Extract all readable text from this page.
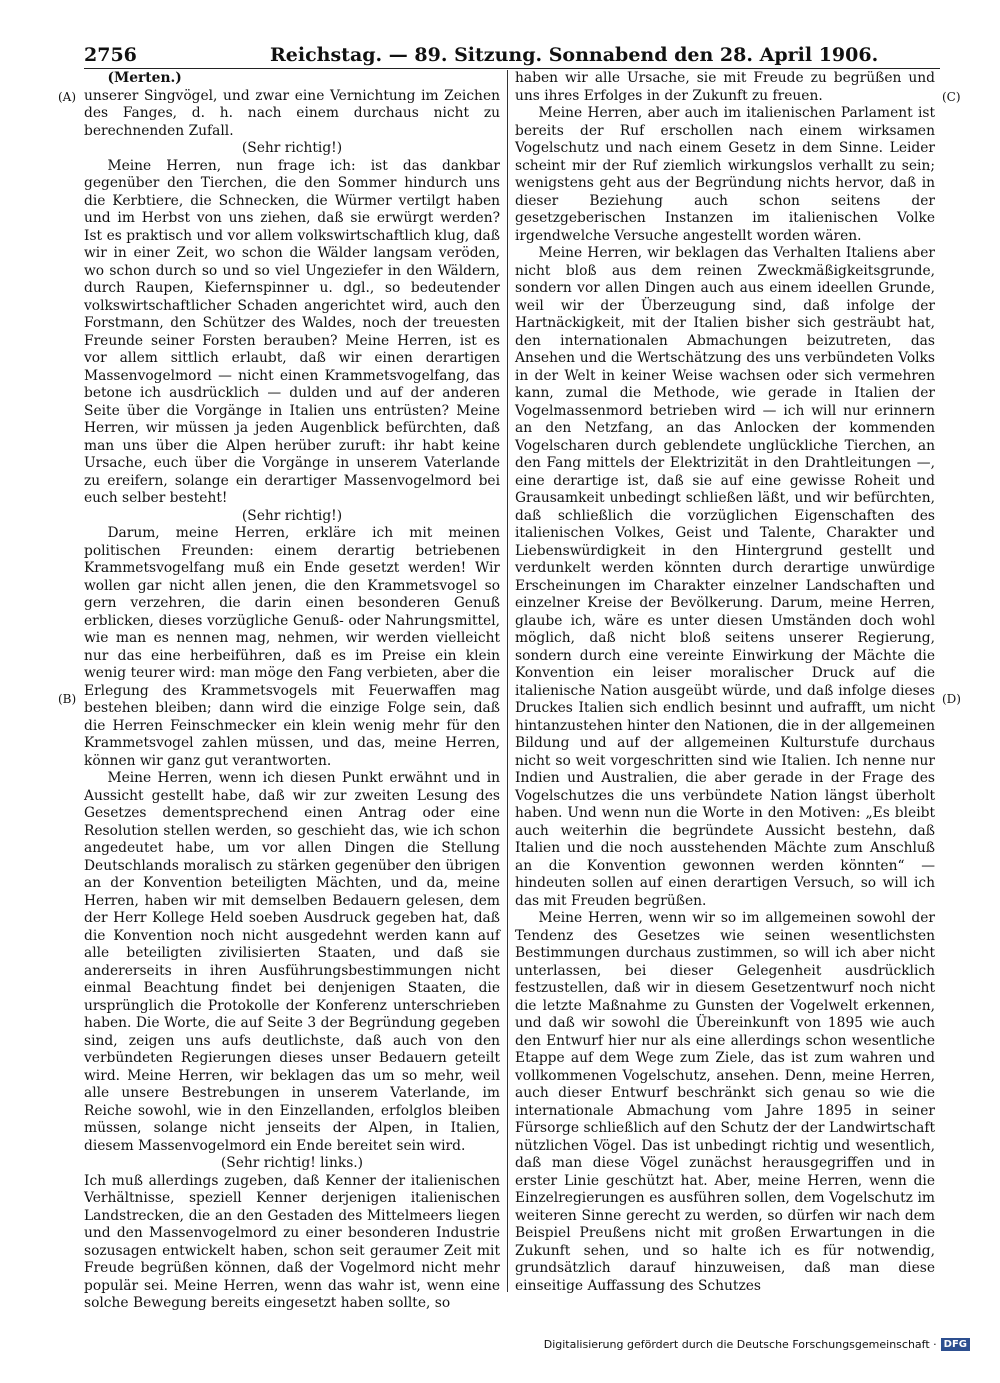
2756	Reichstag. — 89. Sitzung. Sonnabend den 28. April 1906.
(A)
(B)
(C)
(D)

(Merten.)

unserer Singvögel, und zwar eine Vernichtung im Zeichen des Fanges, d. h. nach einem durchaus nicht zu berechnenden Zufall.

(Sehr richtig!)

Meine Herren, nun frage ich: ist das dankbar gegenüber den Tierchen, die den Sommer hindurch uns die Kerbtiere, die Schnecken, die Würmer vertilgt haben und im Herbst von uns ziehen, daß sie erwürgt werden? Ist es praktisch und vor allem volkswirtschaftlich klug, daß wir in einer Zeit, wo schon die Wälder langsam veröden, wo schon durch so und so viel Ungeziefer in den Wäldern, durch Raupen, Kiefernspinner u. dgl., so bedeutender volkswirtschaftlicher Schaden angerichtet wird, auch den Forstmann, den Schützer des Waldes, noch der treuesten Freunde seiner Forsten berauben? Meine Herren, ist es vor allem sittlich erlaubt, daß wir einen derartigen Massenvogelmord — nicht einen Krammetsvogelfang, das betone ich ausdrücklich — dulden und auf der anderen Seite über die Vorgänge in Italien uns entrüsten? Meine Herren, wir müssen ja jeden Augenblick befürchten, daß man uns über die Alpen herüber zuruft: ihr habt keine Ursache, euch über die Vorgänge in unserem Vaterlande zu ereifern, solange ein derartiger Massenvogelmord bei euch selber besteht!

(Sehr richtig!)

Darum, meine Herren, erkläre ich mit meinen politischen Freunden: einem derartig betriebenen Krammetsvogelfang muß ein Ende gesetzt werden! Wir wollen gar nicht allen jenen, die den Krammetsvogel so gern verzehren, die darin einen besonderen Genuß erblicken, dieses vorzügliche Genuß- oder Nahrungsmittel, wie man es nennen mag, nehmen, wir werden vielleicht nur das eine herbeiführen, daß es im Preise ein klein wenig teurer wird: man möge den Fang verbieten, aber die Erlegung des Krammetsvogels mit Feuerwaffen mag bestehen bleiben; dann wird die einzige Folge sein, daß die Herren Feinschmecker ein klein wenig mehr für den Krammetsvogel zahlen müssen, und das, meine Herren, können wir ganz gut verantworten.

Meine Herren, wenn ich diesen Punkt erwähnt und in Aussicht gestellt habe, daß wir zur zweiten Lesung des Gesetzes dementsprechend einen Antrag oder eine Resolution stellen werden, so geschieht das, wie ich schon angedeutet habe, um vor allen Dingen die Stellung Deutschlands moralisch zu stärken gegenüber den übrigen an der Konvention beteiligten Mächten, und da, meine Herren, haben wir mit demselben Bedauern gelesen, dem der Herr Kollege Held soeben Ausdruck gegeben hat, daß die Konvention noch nicht ausgedehnt werden kann auf alle beteiligten zivilisierten Staaten, und daß sie andererseits in ihren Ausführungsbestimmungen nicht einmal Beachtung findet bei denjenigen Staaten, die ursprünglich die Protokolle der Konferenz unterschrieben haben. Die Worte, die auf Seite 3 der Begründung gegeben sind, zeigen uns aufs deutlichste, daß auch von den verbündeten Regierungen dieses unser Bedauern geteilt wird. Meine Herren, wir beklagen das um so mehr, weil alle unsere Bestrebungen in unserem Vaterlande, im Reiche sowohl, wie in den Einzellanden, erfolglos bleiben müssen, solange nicht jenseits der Alpen, in Italien, diesem Massenvogelmord ein Ende bereitet sein wird.

(Sehr richtig! links.)

Ich muß allerdings zugeben, daß Kenner der italienischen Verhältnisse, speziell Kenner derjenigen italienischen Landstrecken, die an den Gestaden des Mittelmeers liegen und den Massenvogelmord zu einer besonderen Industrie sozusagen entwickelt haben, schon seit geraumer Zeit mit Freude begrüßen können, daß der Vogelmord nicht mehr populär sei. Meine Herren, wenn das wahr ist, wenn eine solche Bewegung bereits eingesetzt haben sollte, so

haben wir alle Ursache, sie mit Freude zu begrüßen und uns ihres Erfolges in der Zukunft zu freuen.

Meine Herren, aber auch im italienischen Parlament ist bereits der Ruf erschollen nach einem wirksamen Vogelschutz und nach einem Gesetz in dem Sinne. Leider scheint mir der Ruf ziemlich wirkungslos verhallt zu sein; wenigstens geht aus der Begründung nichts hervor, daß in dieser Beziehung auch schon seitens der gesetzgeberischen Instanzen im italienischen Volke irgendwelche Versuche angestellt worden wären.

Meine Herren, wir beklagen das Verhalten Italiens aber nicht bloß aus dem reinen Zweckmäßigkeitsgrunde, sondern vor allen Dingen auch aus einem ideellen Grunde, weil wir der Überzeugung sind, daß infolge der Hartnäckigkeit, mit der Italien bisher sich gesträubt hat, den internationalen Abmachungen beizutreten, das Ansehen und die Wertschätzung des uns verbündeten Volks in der Welt in keiner Weise wachsen oder sich vermehren kann, zumal die Methode, wie gerade in Italien der Vogelmassenmord betrieben wird — ich will nur erinnern an den Netzfang, an das Anlocken der kommenden Vogelscharen durch geblendete unglückliche Tierchen, an den Fang mittels der Elektrizität in den Drahtleitungen —, eine derartige ist, daß sie auf eine gewisse Roheit und Grausamkeit unbedingt schließen läßt, und wir befürchten, daß schließlich die vorzüglichen Eigenschaften des italienischen Volkes, Geist und Talente, Charakter und Liebenswürdigkeit in den Hintergrund gestellt und verdunkelt werden könnten durch derartige unwürdige Erscheinungen im Charakter einzelner Landschaften und einzelner Kreise der Bevölkerung. Darum, meine Herren, glaube ich, wäre es unter diesen Umständen doch wohl möglich, daß nicht bloß seitens unserer Regierung, sondern durch eine vereinte Einwirkung der Mächte die Konvention ein leiser moralischer Druck auf die italienische Nation ausgeübt würde, und daß infolge dieses Druckes Italien sich endlich besinnt und aufrafft, um nicht hintanzustehen hinter den Nationen, die in der allgemeinen Bildung und auf der allgemeinen Kulturstufe durchaus nicht so weit vorgeschritten sind wie Italien. Ich nenne nur Indien und Australien, die aber gerade in der Frage des Vogelschutzes die uns verbündete Nation längst überholt haben. Und wenn nun die Worte in den Motiven: „Es bleibt auch weiterhin die begründete Aussicht bestehn, daß Italien und die noch ausstehenden Mächte zum Anschluß an die Konvention gewonnen werden könnten“ — hindeuten sollen auf einen derartigen Versuch, so will ich das mit Freuden begrüßen.

Meine Herren, wenn wir so im allgemeinen sowohl der Tendenz des Gesetzes wie seinen wesentlichsten Bestimmungen durchaus zustimmen, so will ich aber nicht unterlassen, bei dieser Gelegenheit ausdrücklich festzustellen, daß wir in diesem Gesetzentwurf noch nicht die letzte Maßnahme zu Gunsten der Vogelwelt erkennen, und daß wir sowohl die Übereinkunft von 1895 wie auch den Entwurf hier nur als eine allerdings schon wesentliche Etappe auf dem Wege zum Ziele, das ist zum wahren und vollkommenen Vogelschutz, ansehen. Denn, meine Herren, auch dieser Entwurf beschränkt sich genau so wie die internationale Abmachung vom Jahre 1895 in seiner Fürsorge schließlich auf den Schutz der der Landwirtschaft nützlichen Vögel. Das ist unbedingt richtig und wesentlich, daß man diese Vögel zunächst herausgegriffen und in erster Linie geschützt hat. Aber, meine Herren, wenn die Einzelregierungen es ausführen sollen, dem Vogelschutz im weiteren Sinne gerecht zu werden, so dürfen wir nach dem Beispiel Preußens nicht mit großen Erwartungen in die Zukunft sehen, und so halte ich es für notwendig, grundsätzlich darauf hinzuweisen, daß man diese einseitige Auffassung des Schutzes

Digitalisierung gefördert durch die Deutsche Forschungsgemeinschaft · DFG
